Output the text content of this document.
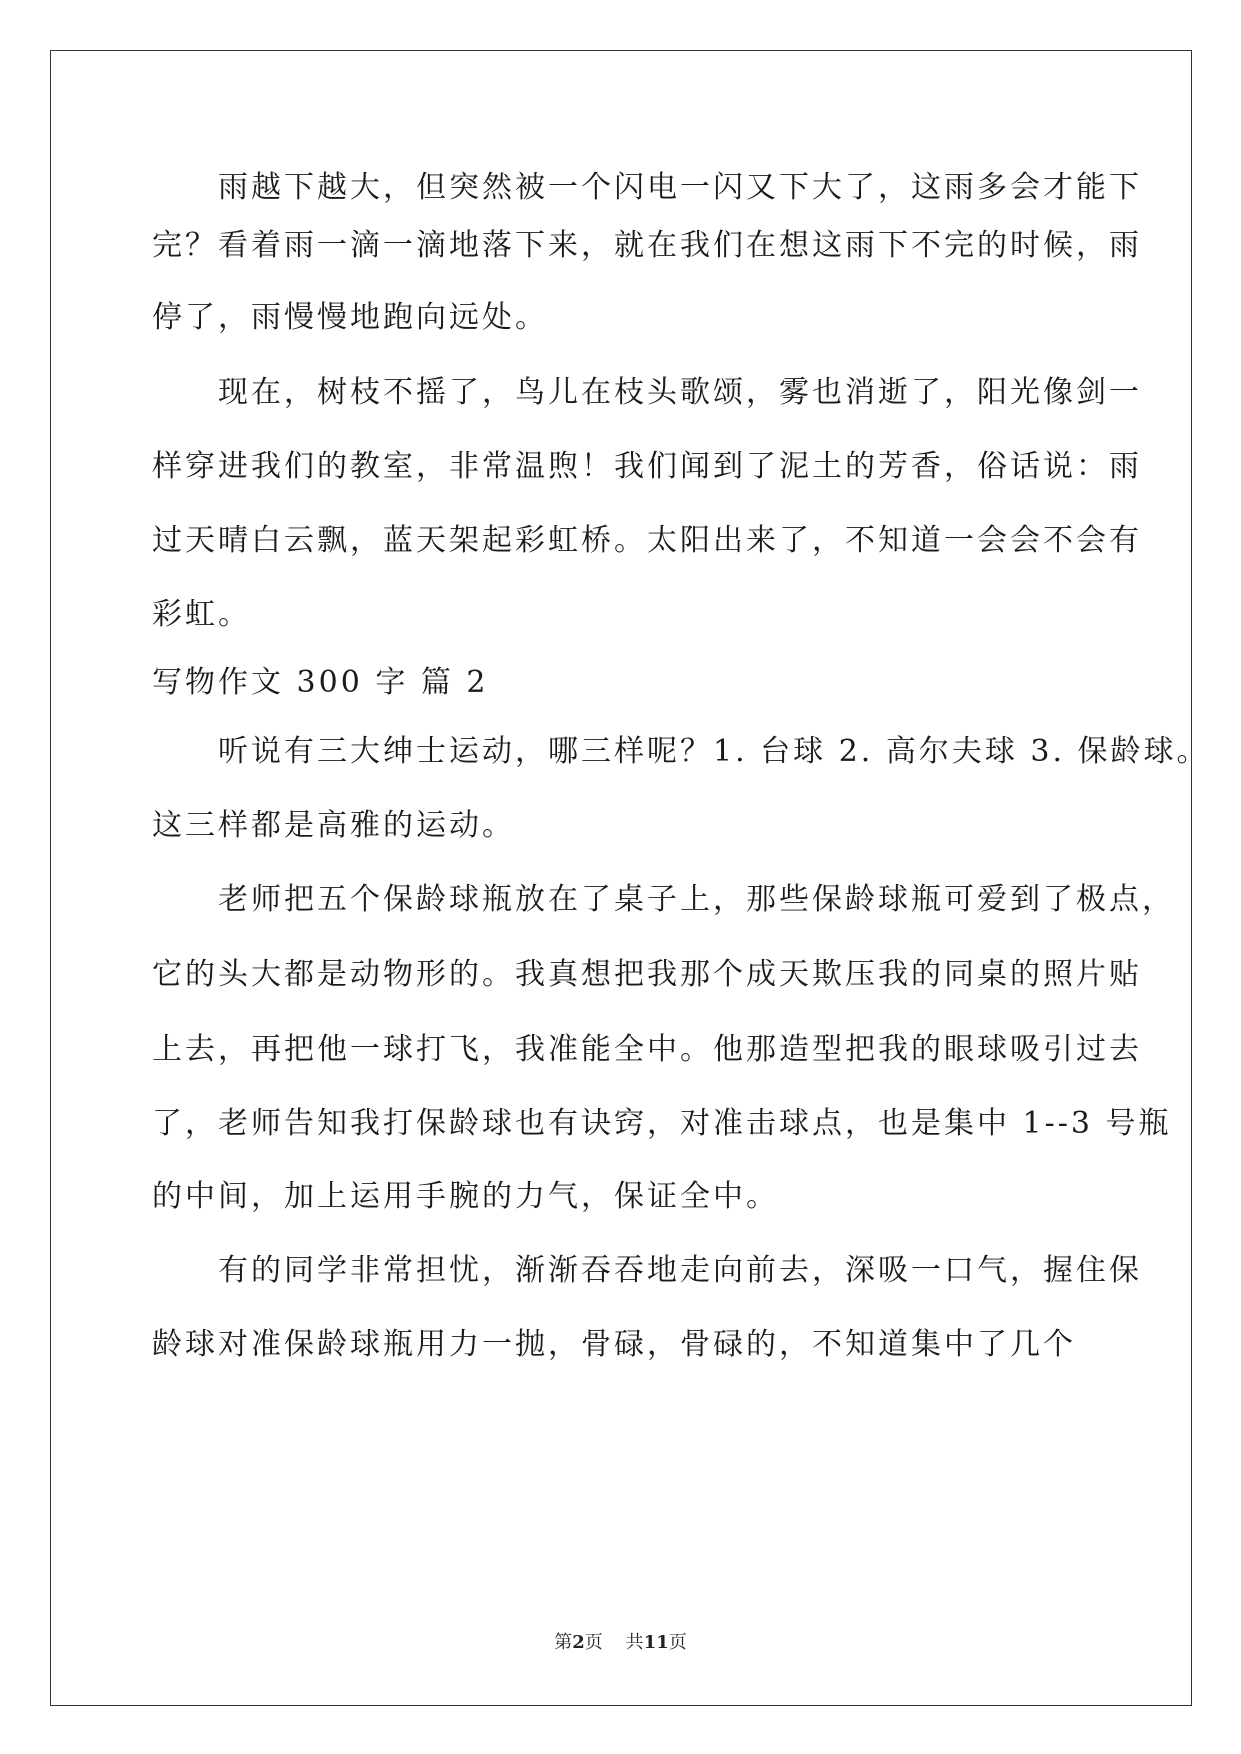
　　雨越下越大，但突然被一个闪电一闪又下大了，这雨多会才能下
完？看着雨一滴一滴地落下来，就在我们在想这雨下不完的时候，雨
停了，雨慢慢地跑向远处。
　　现在，树枝不摇了，鸟儿在枝头歌颂，雾也消逝了，阳光像剑一
样穿进我们的教室，非常温煦！我们闻到了泥土的芳香，俗话说：雨
过天晴白云飘，蓝天架起彩虹桥。太阳出来了，不知道一会会不会有
彩虹。
写物作文 300 字 篇 2
　　听说有三大绅士运动，哪三样呢？1. 台球 2. 高尔夫球 3. 保龄球。
这三样都是高雅的运动。
　　老师把五个保龄球瓶放在了桌子上，那些保龄球瓶可爱到了极点，
它的头大都是动物形的。我真想把我那个成天欺压我的同桌的照片贴
上去，再把他一球打飞，我准能全中。他那造型把我的眼球吸引过去
了，老师告知我打保龄球也有诀窍，对准击球点，也是集中 1--3 号瓶
的中间，加上运用手腕的力气，保证全中。
　　有的同学非常担忧，渐渐吞吞地走向前去，深吸一口气，握住保
龄球对准保龄球瓶用力一抛，骨碌，骨碌的，不知道集中了几个
第2页 共11页
